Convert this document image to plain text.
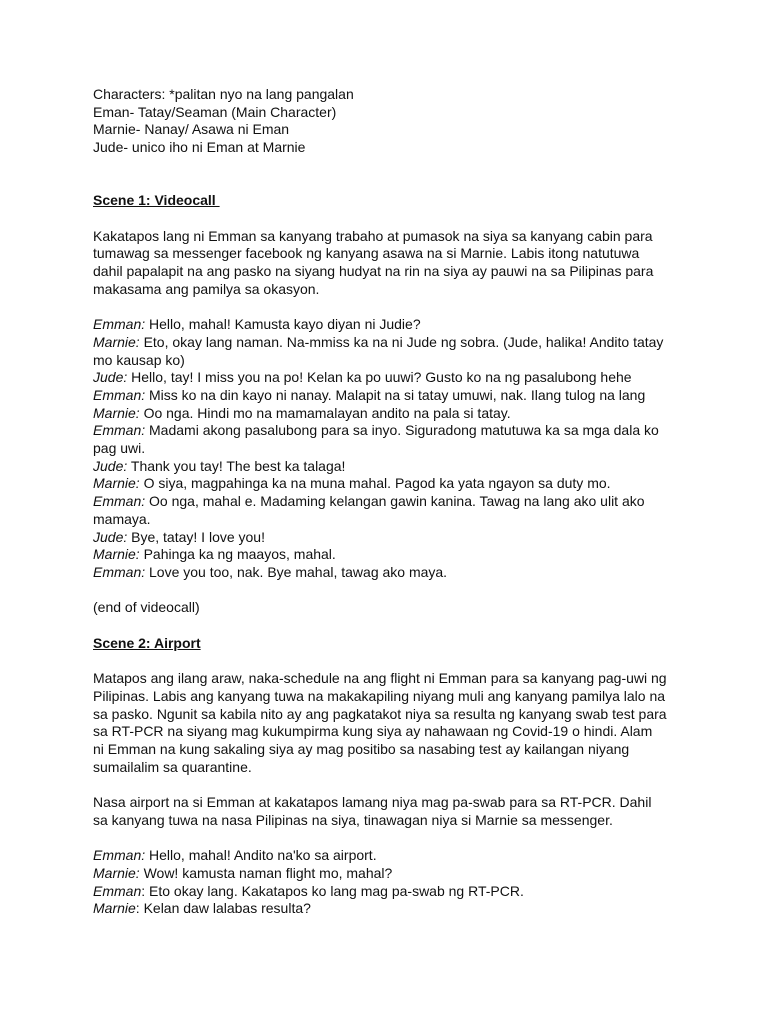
Characters: *palitan nyo na lang pangalan
Eman- Tatay/Seaman (Main Character)
Marnie- Nanay/ Asawa ni Eman
Jude- unico iho ni Eman at Marnie
Scene 1: Videocall
Kakatapos lang ni Emman sa kanyang trabaho at pumasok na siya sa kanyang cabin para
tumawag sa messenger facebook ng kanyang asawa na si Marnie. Labis itong natutuwa
dahil papalapit na ang pasko na siyang hudyat na rin na siya ay pauwi na sa Pilipinas para
makasama ang pamilya sa okasyon.
Emman: Hello, mahal! Kamusta kayo diyan ni Judie?
Marnie: Eto, okay lang naman. Na-mmiss ka na ni Jude ng sobra. (Jude, halika! Andito tatay
mo kausap ko)
Jude: Hello, tay! I miss you na po! Kelan ka po uuwi? Gusto ko na ng pasalubong hehe
Emman: Miss ko na din kayo ni nanay. Malapit na si tatay umuwi, nak. Ilang tulog na lang
Marnie: Oo nga. Hindi mo na mamamalayan andito na pala si tatay.
Emman: Madami akong pasalubong para sa inyo. Siguradong matutuwa ka sa mga dala ko
pag uwi.
Jude: Thank you tay! The best ka talaga!
Marnie: O siya, magpahinga ka na muna mahal. Pagod ka yata ngayon sa duty mo.
Emman: Oo nga, mahal e. Madaming kelangan gawin kanina. Tawag na lang ako ulit ako
mamaya.
Jude: Bye, tatay! I love you!
Marnie: Pahinga ka ng maayos, mahal.
Emman: Love you too, nak. Bye mahal, tawag ako maya.
(end of videocall)
Scene 2: Airport
Matapos ang ilang araw, naka-schedule na ang flight ni Emman para sa kanyang pag-uwi ng
Pilipinas. Labis ang kanyang tuwa na makakapiling niyang muli ang kanyang pamilya lalo na
sa pasko. Ngunit sa kabila nito ay ang pagkatakot niya sa resulta ng kanyang swab test para
sa RT-PCR na siyang mag kukumpirma kung siya ay nahawaan ng Covid-19 o hindi. Alam
ni Emman na kung sakaling siya ay mag positibo sa nasabing test ay kailangan niyang
sumailalim sa quarantine.
Nasa airport na si Emman at kakatapos lamang niya mag pa-swab para sa RT-PCR. Dahil
sa kanyang tuwa na nasa Pilipinas na siya, tinawagan niya si Marnie sa messenger.
Emman: Hello, mahal! Andito na'ko sa airport.
Marnie: Wow! kamusta naman flight mo, mahal?
Emman: Eto okay lang. Kakatapos ko lang mag pa-swab ng RT-PCR.
Marnie: Kelan daw lalabas resulta?
